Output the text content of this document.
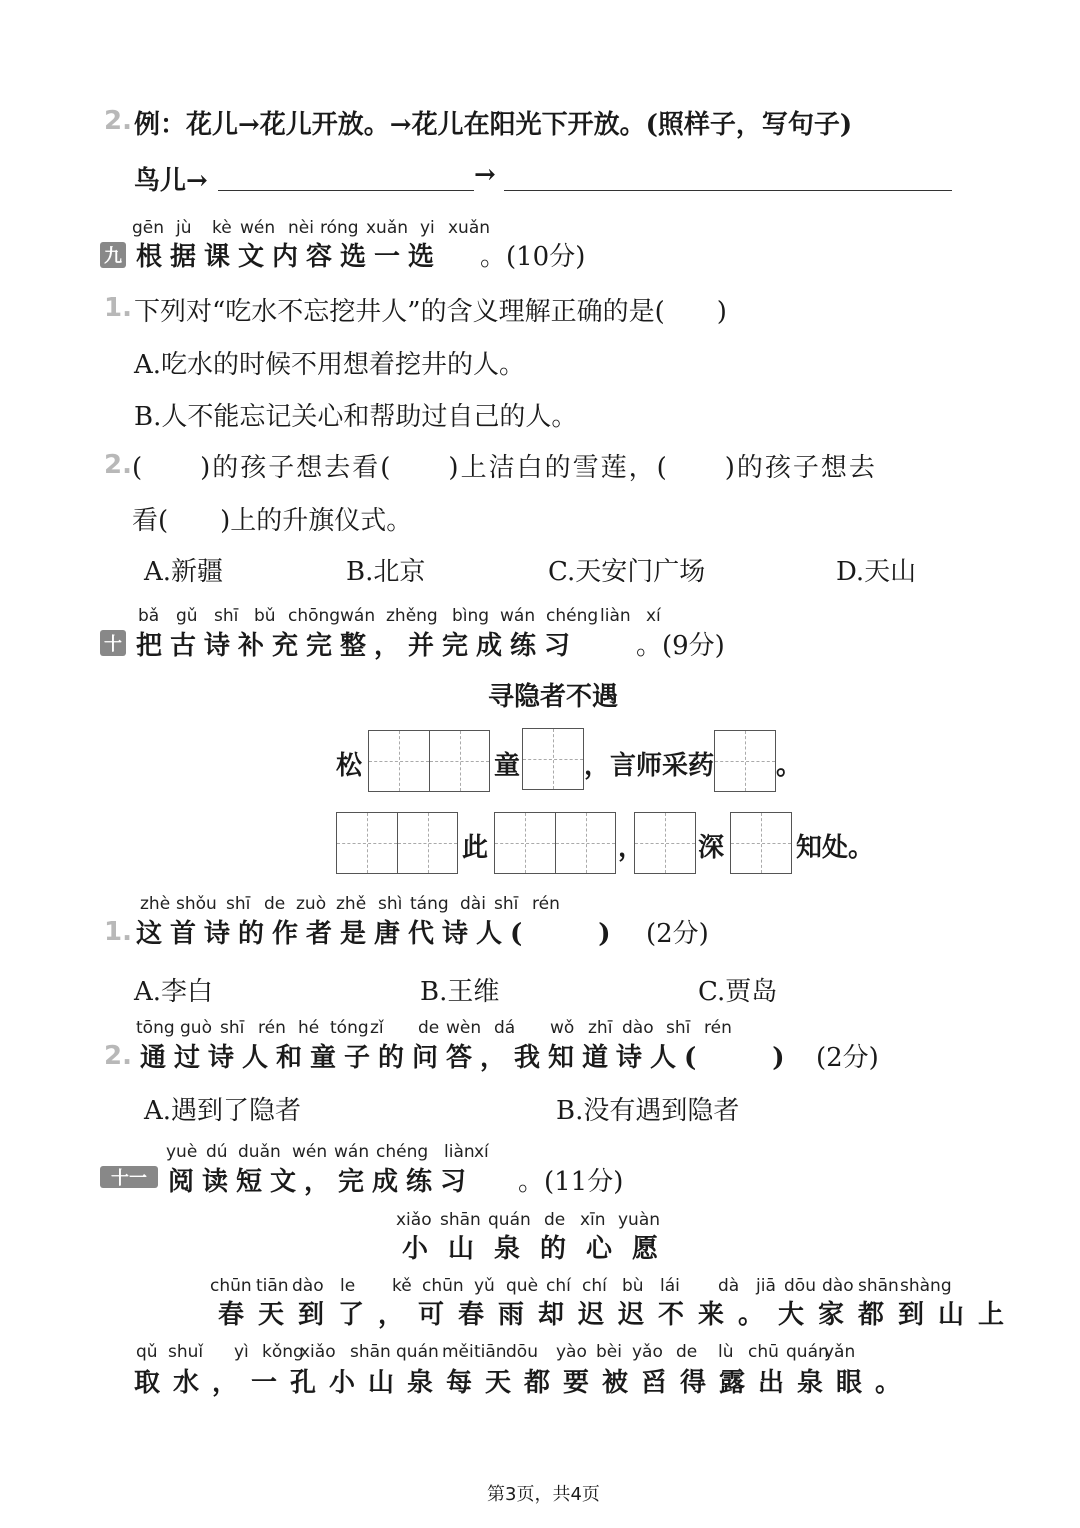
2. 例：花儿→花儿开放。→花儿在阳光下开放。(照样子，写句子)
鸟儿→	→
九
gēn jù kè wén nèi róng xuǎn yi xuǎn
根据课文内容选一选 。(10分)
1. 下列对“吃水不忘挖井人”的含义理解正确的是(　　)
A.吃水的时候不用想着挖井的人。
B.人不能忘记关心和帮助过自己的人。
2. (　　)的孩子想去看(　　)上洁白的雪莲，(　　)的孩子想去
看(　　)上的升旗仪式。
A.新疆	B.北京	C.天安门广场	D.天山
十
bǎ gǔ shī bǔ chōng wán zhěng bìng wán chéng liàn xí
把古诗补充完整，并完成练习 。(9分)
寻隐者不遇
松	童 ，言师采药 。
此	， 深	知处。
zhè shǒu shī de zuò zhě shì táng dài shī rén
1. 这首诗的作者是唐代诗人(　　) (2分)
A.李白	B.王维	C.贾岛
tōng guò shī rén hé tóng zǐ de wèn dá wǒ zhī dào shī rén
2. 通过诗人和童子的问答，我知道诗人(　　) (2分)
A.遇到了隐者	B.没有遇到隐者
十一
yuè dú duǎn wén wán chéng liàn xí
阅读短文，完成练习 。(11分)
xiǎo shān quán de xīn yuàn
小山泉的心愿
chūn tiān dào le kě chūn yǔ què chí chí bù lái dà jiā dōu dào shān shàng
春天到了，可春雨却迟迟不来。大家都到山上
qǔ shuǐ yì kǒng
xiǎo shān quán měi tiān dōu yào bèi yǎo de lù chū quán
yǎn
取水，一孔小山泉每天都要被舀得露出泉眼。
第3页，共4页
